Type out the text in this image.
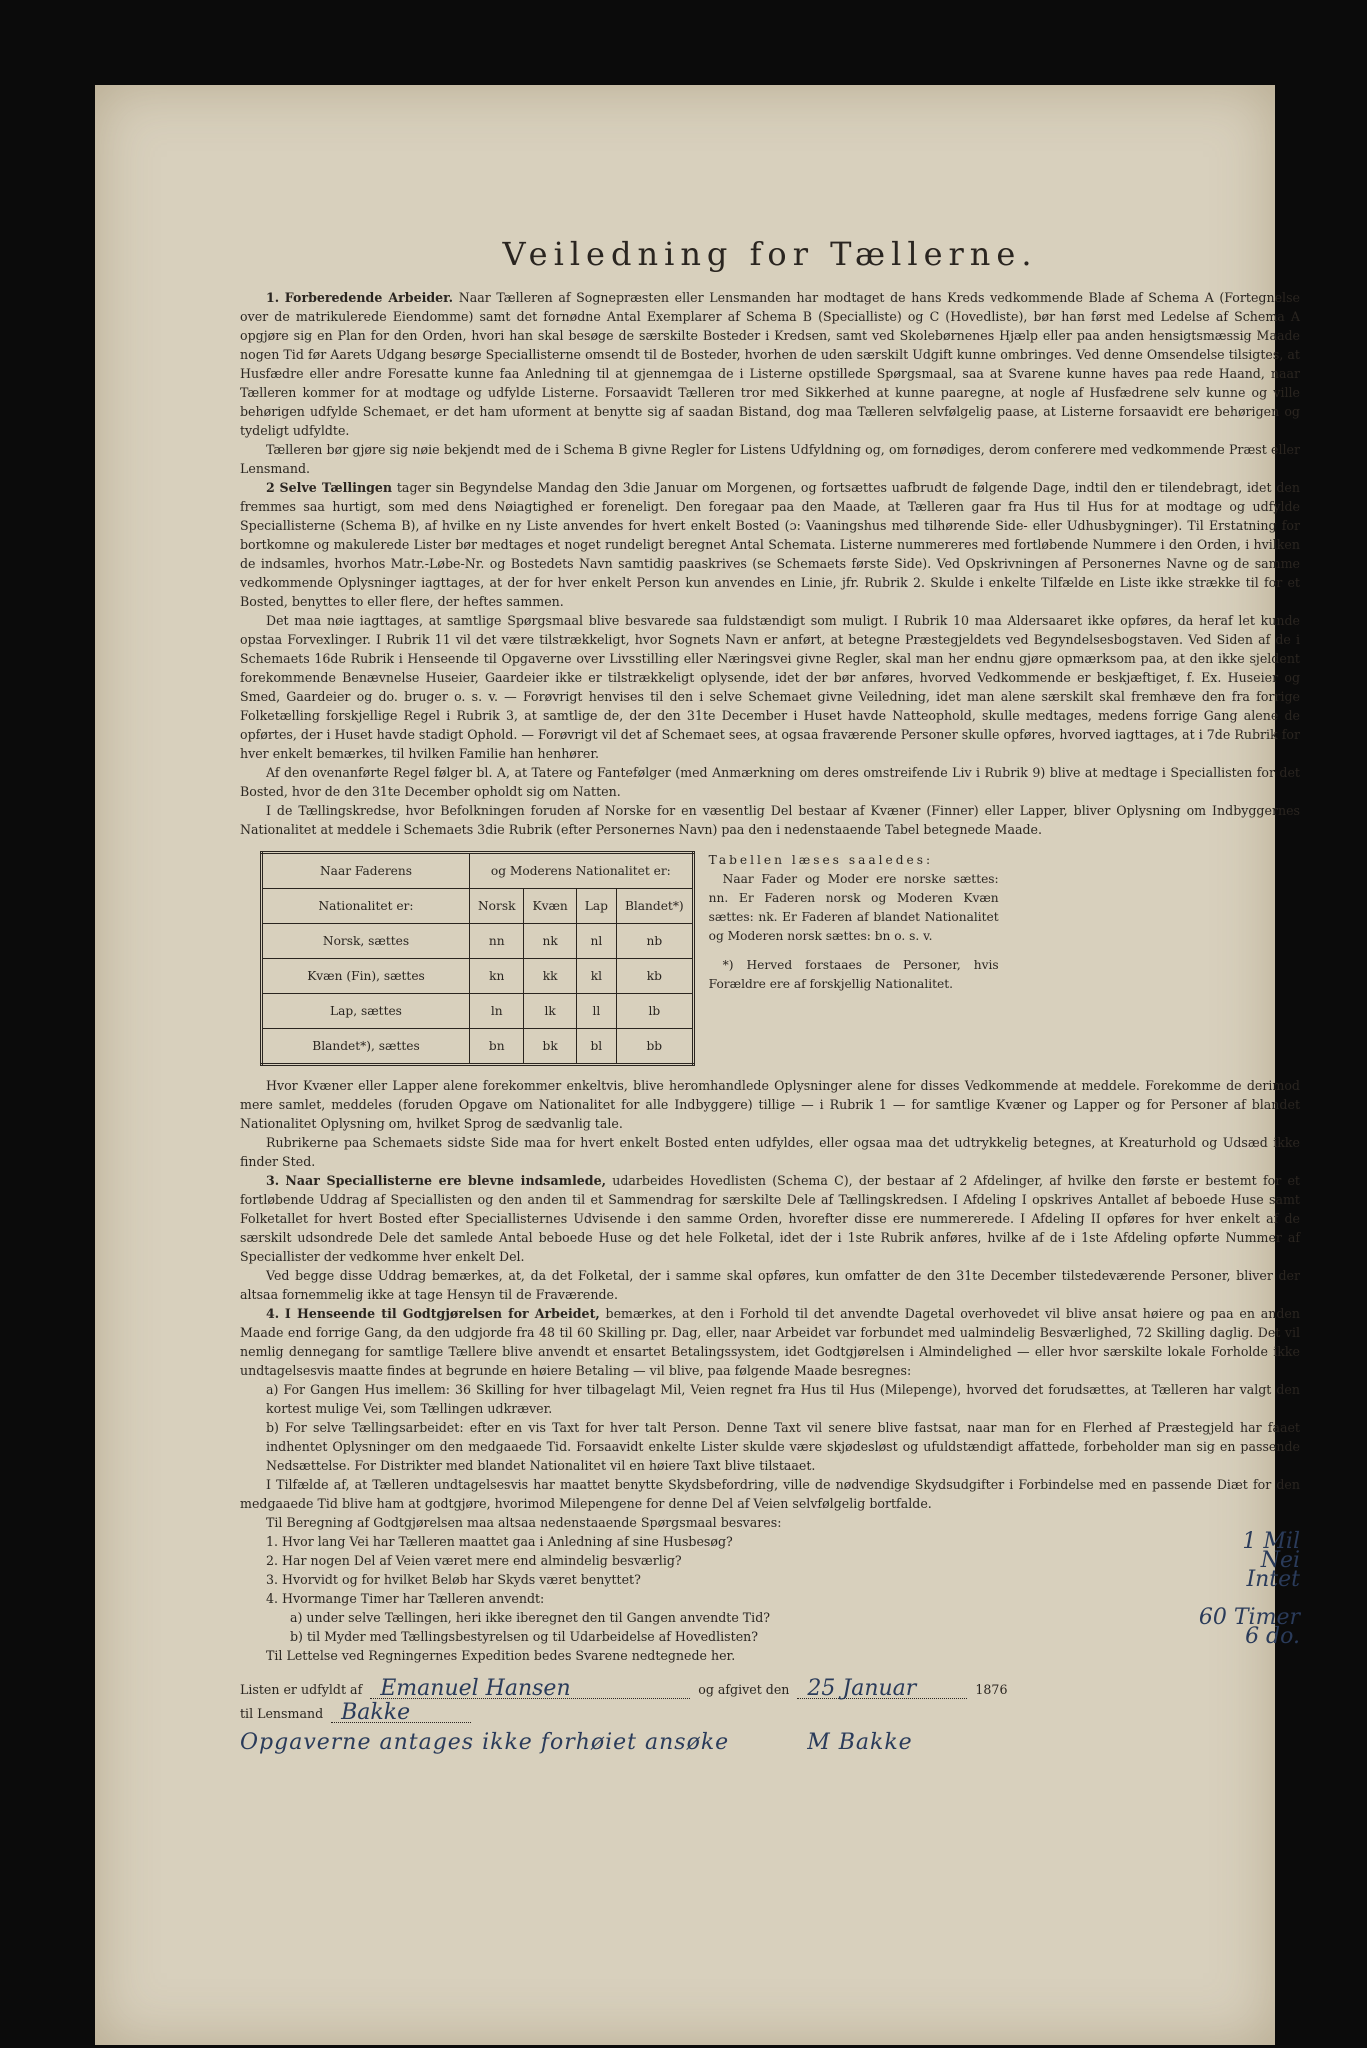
Veiledning for Tællerne.

1. Forberedende Arbeider. Naar Tælleren af Sognepræsten eller Lensmanden har modtaget de hans Kreds vedkommende Blade af Schema A (Fortegnelse over de matrikulerede Eiendomme) samt det fornødne Antal Exemplarer af Schema B (Specialliste) og C (Hovedliste), bør han først med Ledelse af Schema A opgjøre sig en Plan for den Orden, hvori han skal besøge de særskilte Bosteder i Kredsen, samt ved Skolebørnenes Hjælp eller paa anden hensigtsmæssig Maade nogen Tid før Aarets Udgang besørge Speciallisterne omsendt til de Bosteder, hvorhen de uden særskilt Udgift kunne ombringes. Ved denne Omsendelse tilsigtes, at Husfædre eller andre Foresatte kunne faa Anledning til at gjennemgaa de i Listerne opstillede Spørgsmaal, saa at Svarene kunne haves paa rede Haand, naar Tælleren kommer for at modtage og udfylde Listerne. Forsaavidt Tælleren tror med Sikkerhed at kunne paaregne, at nogle af Husfædrene selv kunne og ville behørigen udfylde Schemaet, er det ham uforment at benytte sig af saadan Bistand, dog maa Tælleren selvfølgelig paase, at Listerne forsaavidt ere behørigen og tydeligt udfyldte.

Tælleren bør gjøre sig nøie bekjendt med de i Schema B givne Regler for Listens Udfyldning og, om fornødiges, derom conferere med vedkommende Præst eller Lensmand.

2 Selve Tællingen tager sin Begyndelse Mandag den 3die Januar om Morgenen, og fortsættes uafbrudt de følgende Dage, indtil den er tilendebragt, idet den fremmes saa hurtigt, som med dens Nøiagtighed er foreneligt. Den foregaar paa den Maade, at Tælleren gaar fra Hus til Hus for at modtage og udfylde Speciallisterne (Schema B), af hvilke en ny Liste anvendes for hvert enkelt Bosted (ɔ: Vaaningshus med tilhørende Side- eller Udhusbygninger). Til Erstatning for bortkomne og makulerede Lister bør medtages et noget rundeligt beregnet Antal Schemata. Listerne nummereres med fortløbende Nummere i den Orden, i hvilken de indsamles, hvorhos Matr.-Løbe-Nr. og Bostedets Navn samtidig paaskrives (se Schemaets første Side). Ved Opskrivningen af Personernes Navne og de samme vedkommende Oplysninger iagttages, at der for hver enkelt Person kun anvendes en Linie, jfr. Rubrik 2. Skulde i enkelte Tilfælde en Liste ikke strække til for et Bosted, benyttes to eller flere, der heftes sammen.

Det maa nøie iagttages, at samtlige Spørgsmaal blive besvarede saa fuldstændigt som muligt. I Rubrik 10 maa Aldersaaret ikke opføres, da heraf let kunde opstaa Forvexlinger. I Rubrik 11 vil det være tilstrækkeligt, hvor Sognets Navn er anført, at betegne Præstegjeldets ved Begyndelsesbogstaven. Ved Siden af de i Schemaets 16de Rubrik i Henseende til Opgaverne over Livsstilling eller Næringsvei givne Regler, skal man her endnu gjøre opmærksom paa, at den ikke sjeldent forekommende Benævnelse Huseier, Gaardeier ikke er tilstrækkeligt oplysende, idet der bør anføres, hvorved Vedkommende er beskjæftiget, f. Ex. Huseier og Smed, Gaardeier og do. bruger o. s. v. — Forøvrigt henvises til den i selve Schemaet givne Veiledning, idet man alene særskilt skal fremhæve den fra forrige Folketælling forskjellige Regel i Rubrik 3, at samtlige de, der den 31te December i Huset havde Natteophold, skulle medtages, medens forrige Gang alene de opførtes, der i Huset havde stadigt Ophold. — Forøvrigt vil det af Schemaet sees, at ogsaa fraværende Personer skulle opføres, hvorved iagttages, at i 7de Rubrik for hver enkelt bemærkes, til hvilken Familie han henhører.

Af den ovenanførte Regel følger bl. A, at Tatere og Fantefølger (med Anmærkning om deres omstreifende Liv i Rubrik 9) blive at medtage i Speciallisten for det Bosted, hvor de den 31te December opholdt sig om Natten.

I de Tællingskredse, hvor Befolkningen foruden af Norske for en væsentlig Del bestaar af Kvæner (Finner) eller Lapper, bliver Oplysning om Indbyggernes Nationalitet at meddele i Schemaets 3die Rubrik (efter Personernes Navn) paa den i nedenstaaende Tabel betegnede Maade.

Naar Faderens	og Moderens Nationalitet er:			
Nationalitet er:	Norsk	Kvæn	Lap	Blandet*)
Norsk, sættes	nn	nk	nl	nb
Kvæn (Fin), sættes	kn	kk	kl	kb
Lap, sættes	ln	lk	ll	lb
Blandet*), sættes	bn	bk	bl	bb
Tabellen læses saaledes:

Naar Fader og Moder ere norske sættes: nn. Er Faderen norsk og Moderen Kvæn sættes: nk. Er Faderen af blandet Nationalitet og Moderen norsk sættes: bn o. s. v.

*) Herved forstaaes de Personer, hvis Forældre ere af forskjellig Nationalitet.

Hvor Kvæner eller Lapper alene forekommer enkeltvis, blive heromhandlede Oplysninger alene for disses Vedkommende at meddele. Forekomme de derimod mere samlet, meddeles (foruden Opgave om Nationalitet for alle Indbyggere) tillige — i Rubrik 1 — for samtlige Kvæner og Lapper og for Personer af blandet Nationalitet Oplysning om, hvilket Sprog de sædvanlig tale.

Rubrikerne paa Schemaets sidste Side maa for hvert enkelt Bosted enten udfyldes, eller ogsaa maa det udtrykkelig betegnes, at Kreaturhold og Udsæd ikke finder Sted.

3. Naar Speciallisterne ere blevne indsamlede, udarbeides Hovedlisten (Schema C), der bestaar af 2 Afdelinger, af hvilke den første er bestemt for et fortløbende Uddrag af Speciallisten og den anden til et Sammendrag for særskilte Dele af Tællingskredsen. I Afdeling I opskrives Antallet af beboede Huse samt Folketallet for hvert Bosted efter Speciallisternes Udvisende i den samme Orden, hvorefter disse ere nummererede. I Afdeling II opføres for hver enkelt af de særskilt udsondrede Dele det samlede Antal beboede Huse og det hele Folketal, idet der i 1ste Rubrik anføres, hvilke af de i 1ste Afdeling opførte Nummer af Speciallister der vedkomme hver enkelt Del.

Ved begge disse Uddrag bemærkes, at, da det Folketal, der i samme skal opføres, kun omfatter de den 31te December tilstedeværende Personer, bliver der altsaa fornemmelig ikke at tage Hensyn til de Fraværende.

4. I Henseende til Godtgjørelsen for Arbeidet, bemærkes, at den i Forhold til det anvendte Dagetal overhovedet vil blive ansat høiere og paa en anden Maade end forrige Gang, da den udgjorde fra 48 til 60 Skilling pr. Dag, eller, naar Arbeidet var forbundet med ualmindelig Besværlighed, 72 Skilling daglig. Det vil nemlig dennegang for samtlige Tællere blive anvendt et ensartet Betalingssystem, idet Godtgjørelsen i Almindelighed — eller hvor særskilte lokale Forholde ikke undtagelsesvis maatte findes at begrunde en høiere Betaling — vil blive, paa følgende Maade besregnes:

a) For Gangen Hus imellem: 36 Skilling for hver tilbagelagt Mil, Veien regnet fra Hus til Hus (Milepenge), hvorved det forudsættes, at Tælleren har valgt den kortest mulige Vei, som Tællingen udkræver.

b) For selve Tællingsarbeidet: efter en vis Taxt for hver talt Person. Denne Taxt vil senere blive fastsat, naar man for en Flerhed af Præstegjeld har faaet indhentet Oplysninger om den medgaaede Tid. Forsaavidt enkelte Lister skulde være skjødesløst og ufuldstændigt affattede, forbeholder man sig en passende Nedsættelse. For Distrikter med blandet Nationalitet vil en høiere Taxt blive tilstaaet.

I Tilfælde af, at Tælleren undtagelsesvis har maattet benytte Skydsbefordring, ville de nødvendige Skydsudgifter i Forbindelse med en passende Diæt for den medgaaede Tid blive ham at godtgjøre, hvorimod Milepengene for denne Del af Veien selvfølgelig bortfalde.

Til Beregning af Godtgjørelsen maa altsaa nedenstaaende Spørgsmaal besvares:

1. Hvor lang Vei har Tælleren maattet gaa i Anledning af sine Husbesøg?	1 Mil
2. Har nogen Del af Veien været mere end almindelig besværlig?	Nei
3. Hvorvidt og for hvilket Beløb har Skyds været benyttet?	Intet
4. Hvormange Timer har Tælleren anvendt:
a) under selve Tællingen, heri ikke iberegnet den til Gangen anvendte Tid?	60 Timer
b) til Myder med Tællingsbestyrelsen og til Udarbeidelse af Hovedlisten?	6 do.
Til Lettelse ved Regningernes Expedition bedes Svarene nedtegnede her.
Listen er udfyldt af Emanuel Hansen	og afgivet den 25 Januar	1876
til Lensmand Bakke
Opgaverne antages ikke forhøiet ansøke	M Bakke
